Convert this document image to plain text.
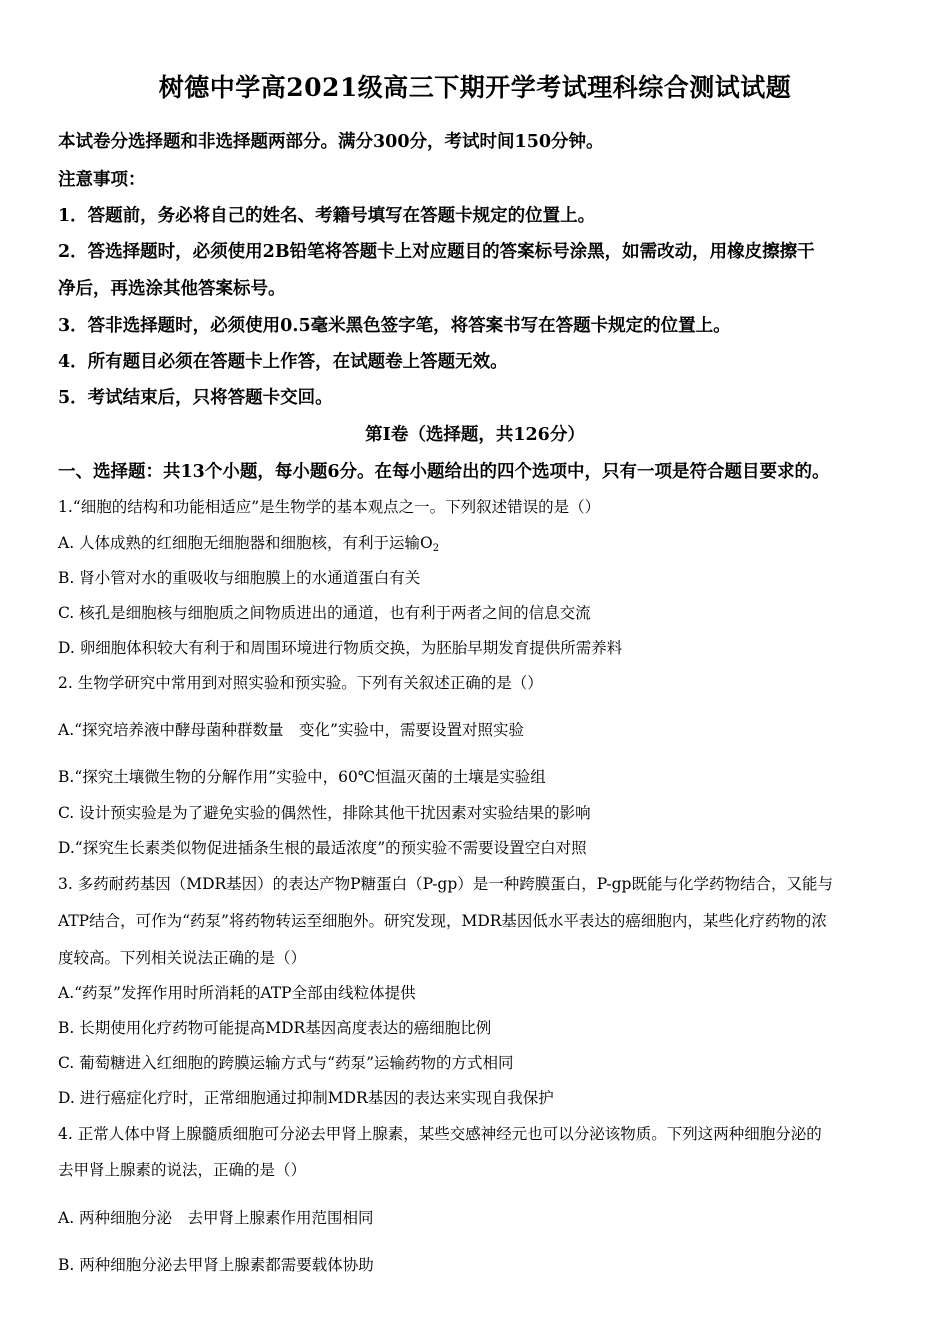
树德中学高2021级高三下期开学考试理科综合测试试题
本试卷分选择题和非选择题两部分。满分300分，考试时间150分钟。
注意事项：
1．答题前，务必将自己的姓名、考籍号填写在答题卡规定的位置上。
2．答选择题时，必须使用2B铅笔将答题卡上对应题目的答案标号涂黑，如需改动，用橡皮擦擦干
净后，再选涂其他答案标号。
3．答非选择题时，必须使用0.5毫米黑色签字笔，将答案书写在答题卡规定的位置上。
4．所有题目必须在答题卡上作答，在试题卷上答题无效。
5．考试结束后，只将答题卡交回。
第I卷（选择题，共126分）
一、选择题：共13个小题，每小题6分。在每小题给出的四个选项中，只有一项是符合题目要求的。
1.“细胞的结构和功能相适应”是生物学的基本观点之一。下列叙述错误的是（）
A. 人体成熟的红细胞无细胞器和细胞核，有利于运输$O_2$
B. 肾小管对水的重吸收与细胞膜上的水通道蛋白有关
C. 核孔是细胞核与细胞质之间物质进出的通道，也有利于两者之间的信息交流
D. 卵细胞体积较大有利于和周围环境进行物质交换，为胚胎早期发育提供所需养料
2. 生物学研究中常用到对照实验和预实验。下列有关叙述正确的是（）
A.“探究培养液中酵母菌种群数量　变化”实验中，需要设置对照实验
B.“探究土壤微生物的分解作用”实验中，60℃恒温灭菌的土壤是实验组
C. 设计预实验是为了避免实验的偶然性，排除其他干扰因素对实验结果的影响
D.“探究生长素类似物促进插条生根的最适浓度”的预实验不需要设置空白对照
3. 多药耐药基因（MDR基因）的表达产物P糖蛋白（P-gp）是一种跨膜蛋白，P-gp既能与化学药物结合，又能与
ATP结合，可作为“药泵”将药物转运至细胞外。研究发现，MDR基因低水平表达的癌细胞内，某些化疗药物的浓
度较高。下列相关说法正确的是（）
A.“药泵”发挥作用时所消耗的ATP全部由线粒体提供
B. 长期使用化疗药物可能提高MDR基因高度表达的癌细胞比例
C. 葡萄糖进入红细胞的跨膜运输方式与“药泵”运输药物的方式相同
D. 进行癌症化疗时，正常细胞通过抑制MDR基因的表达来实现自我保护
4. 正常人体中肾上腺髓质细胞可分泌去甲肾上腺素，某些交感神经元也可以分泌该物质。下列这两种细胞分泌的
去甲肾上腺素的说法，正确的是（）
A. 两种细胞分泌　去甲肾上腺素作用范围相同
B. 两种细胞分泌去甲肾上腺素都需要载体协助
